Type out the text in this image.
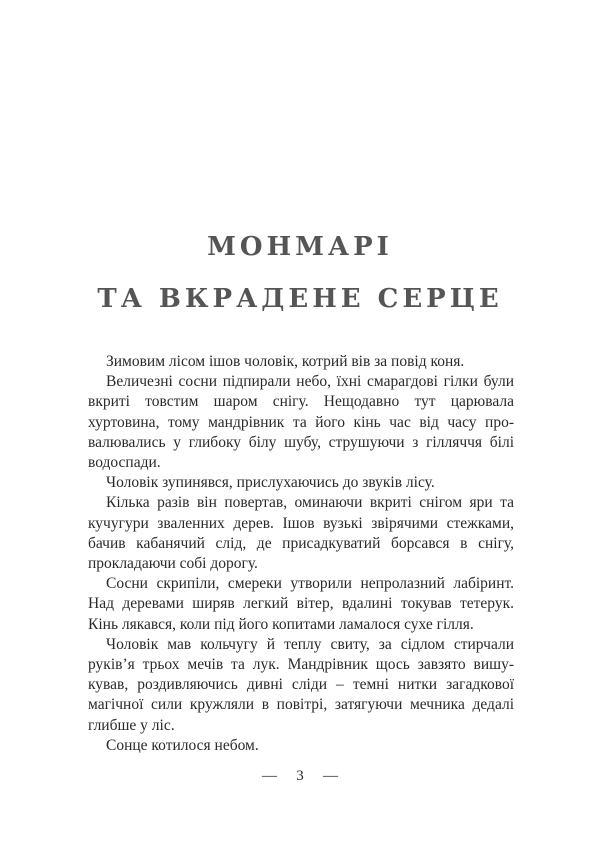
МОНМАРІ
ТА ВКРАДЕНЕ СЕРЦЕ

Зимовим лісом ішов чоловік, котрий вів за повід коня.

Величезні сосни підпирали небо, їхні смарагдові гілки були вкриті товстим шаром снігу. Нещодавно тут царювала хуртовина, тому мандрівник та його кінь час від часу провалювались у глибоку білу шубу, струшуючи з гілляччя білі водоспади.

Чоловік зупинявся, прислухаючись до звуків лісу.

Кілька разів він повертав, оминаючи вкриті снігом яри та кучугури зваленних дерев. Ішов вузькі звірячими стежками, бачив кабанячий слід, де присадкуватий борсався в снігу, прокладаючи собі дорогу.

Сосни скрипіли, смереки утворили непролазний лабіринт. Над деревами ширяв легкий вітер, вдалині токував тетерук. Кінь лякався, коли під його копитами ламалося сухе гілля.

Чоловік мав кольчугу й теплу свиту, за сідлом стирчали руків’я трьох мечів та лук. Мандрівник щось завзято вишукував, роздивляючись дивні сліди – темні нитки загадкової магічної сили кружляли в повітрі, затягуючи мечника дедалі глибше у ліс.

Сонце котилося небом.

— 3 —
